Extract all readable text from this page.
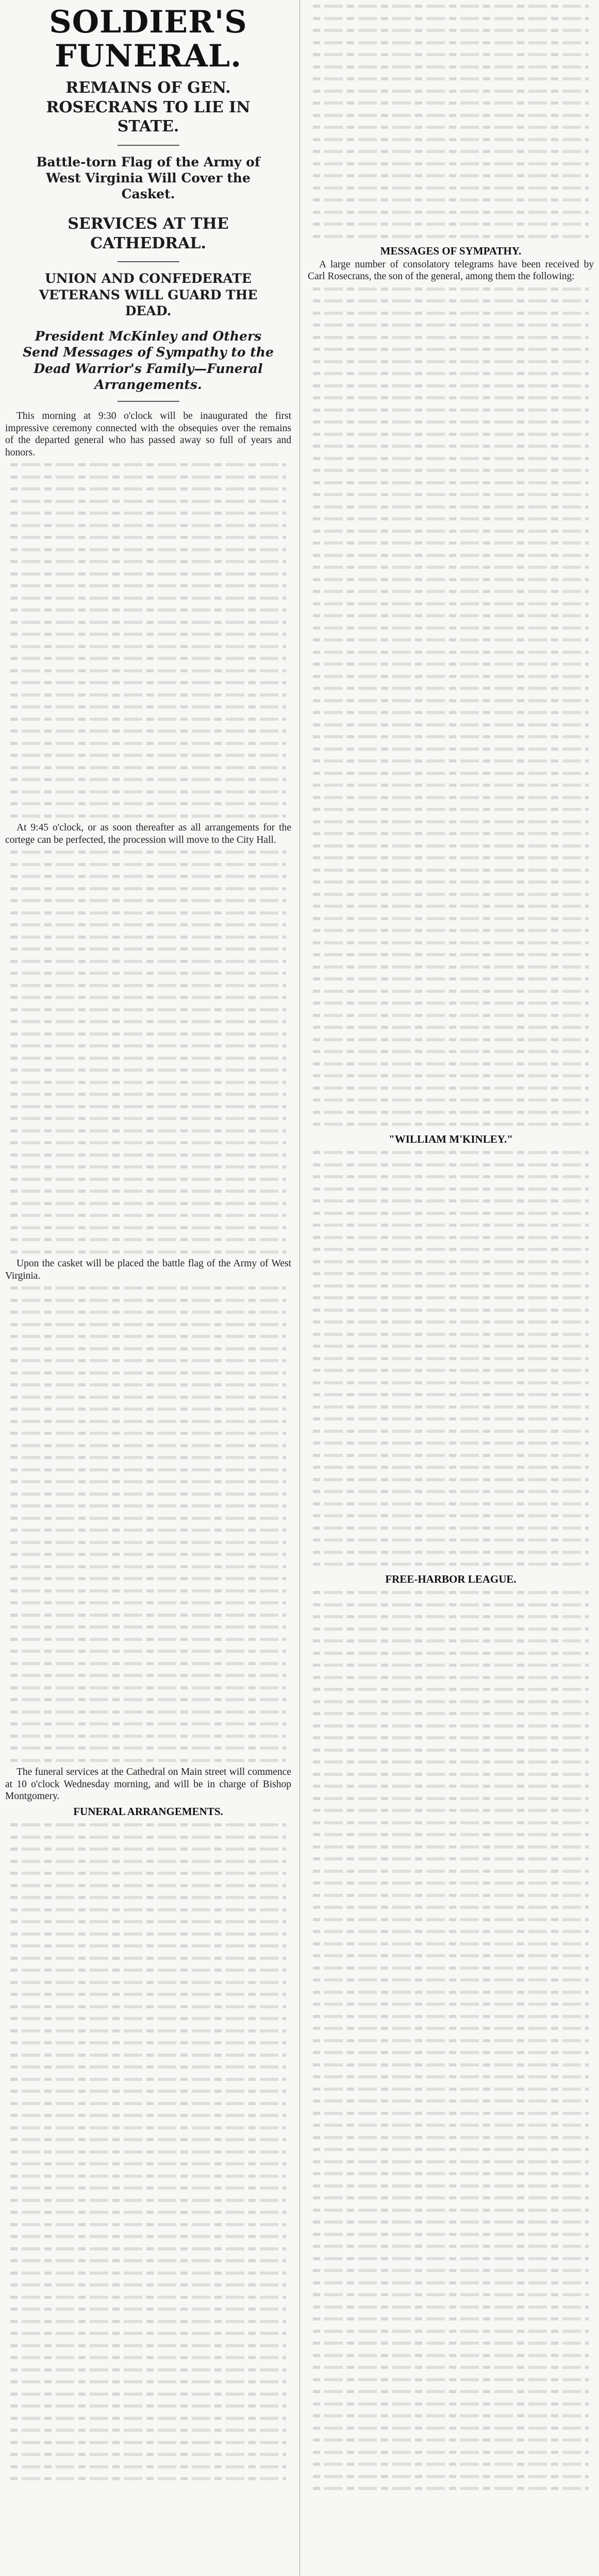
SOLDIER'S FUNERAL.
REMAINS OF GEN. ROSECRANS TO LIE IN STATE.
Battle-torn Flag of the Army of West Virginia Will Cover the Casket.
SERVICES AT THE CATHEDRAL.
UNION AND CONFEDERATE VETERANS WILL GUARD THE DEAD.
President McKinley and Others Send Messages of Sympathy to the Dead Warrior's Family—Funeral Arrangements.

This morning at 9:30 o'clock will be inaugurated the first impressive ceremony connected with the obsequies over the remains of the departed general who has passed away so full of years and honors.

At 9:45 o'clock, or as soon thereafter as all arrangements for the cortege can be perfected, the procession will move to the City Hall.

Upon the casket will be placed the battle flag of the Army of West Virginia.

The funeral services at the Cathedral on Main street will commence at 10 o'clock Wednesday morning, and will be in charge of Bishop Montgomery.

FUNERAL ARRANGEMENTS.
MESSAGES OF SYMPATHY.

A large number of consolatory telegrams have been received by Carl Rosecrans, the son of the general, among them the following:

"WILLIAM M'KINLEY."
FREE-HARBOR LEAGUE.
